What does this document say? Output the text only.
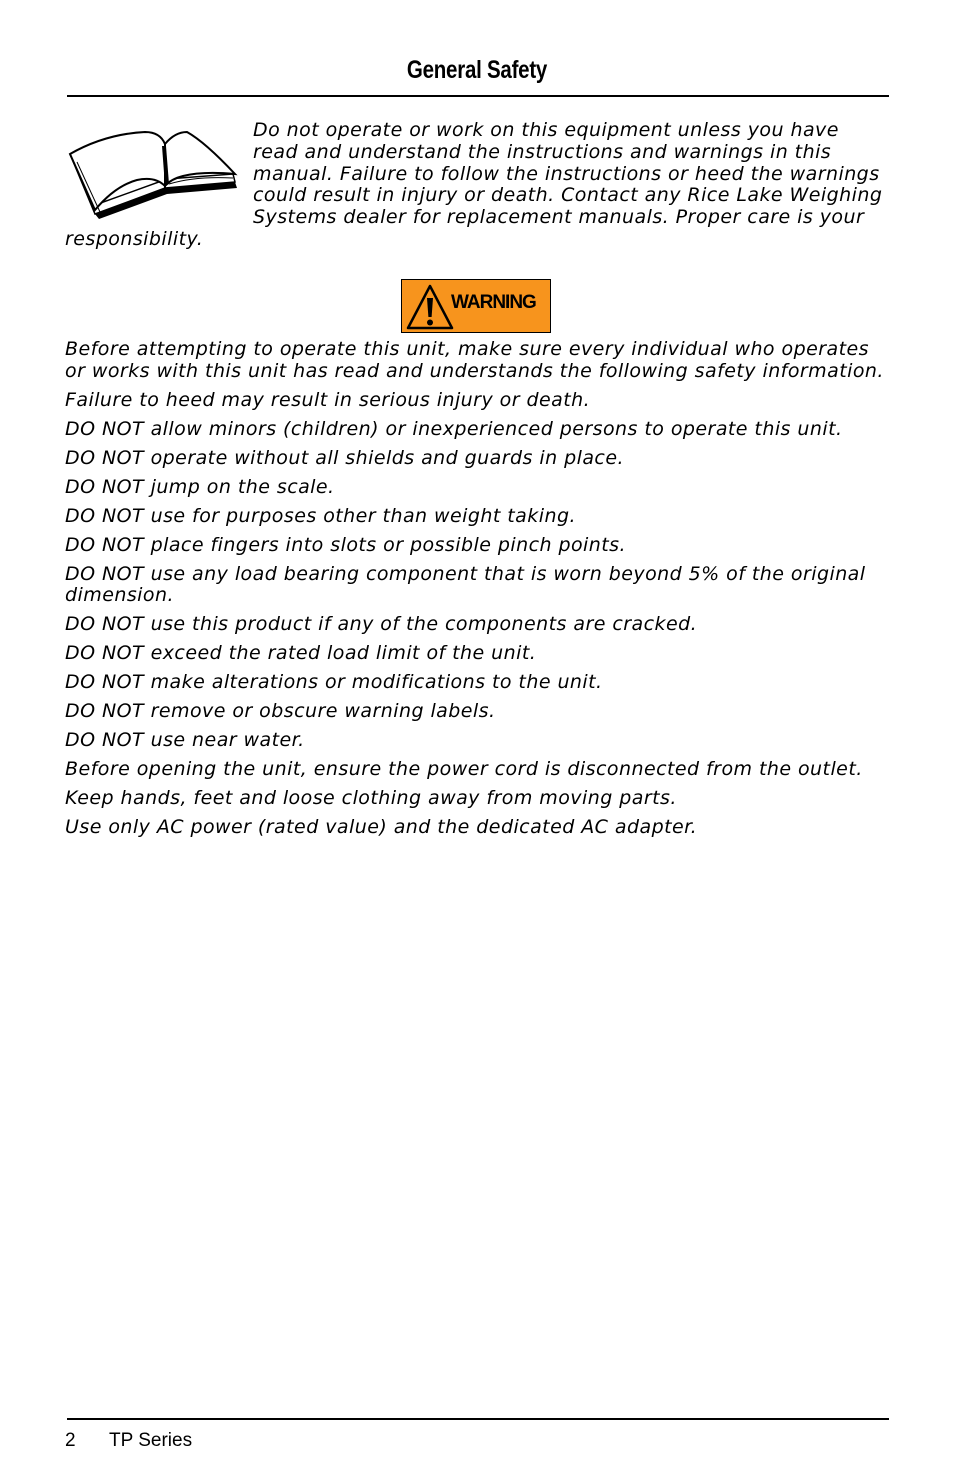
General Safety
Do not operate or work on this equipment unless you have read and understand the instructions and warnings in this manual. Failure to follow the instructions or heed the warnings could result in injury or death. Contact any Rice Lake Weighing Systems dealer for replacement manuals. Proper care is your responsibility.
WARNING
Before attempting to operate this unit, make sure every individual who operates or works with this unit has read and understands the following safety information.
Failure to heed may result in serious injury or death.
DO NOT allow minors (children) or inexperienced persons to operate this unit.
DO NOT operate without all shields and guards in place.
DO NOT jump on the scale.
DO NOT use for purposes other than weight taking.
DO NOT place fingers into slots or possible pinch points.
DO NOT use any load bearing component that is worn beyond 5% of the original dimension.
DO NOT use this product if any of the components are cracked.
DO NOT exceed the rated load limit of the unit.
DO NOT make alterations or modifications to the unit.
DO NOT remove or obscure warning labels.
DO NOT use near water.
Before opening the unit, ensure the power cord is disconnected from the outlet.
Keep hands, feet and loose clothing away from moving parts.
Use only AC power (rated value) and the dedicated AC adapter.
2 TP Series
